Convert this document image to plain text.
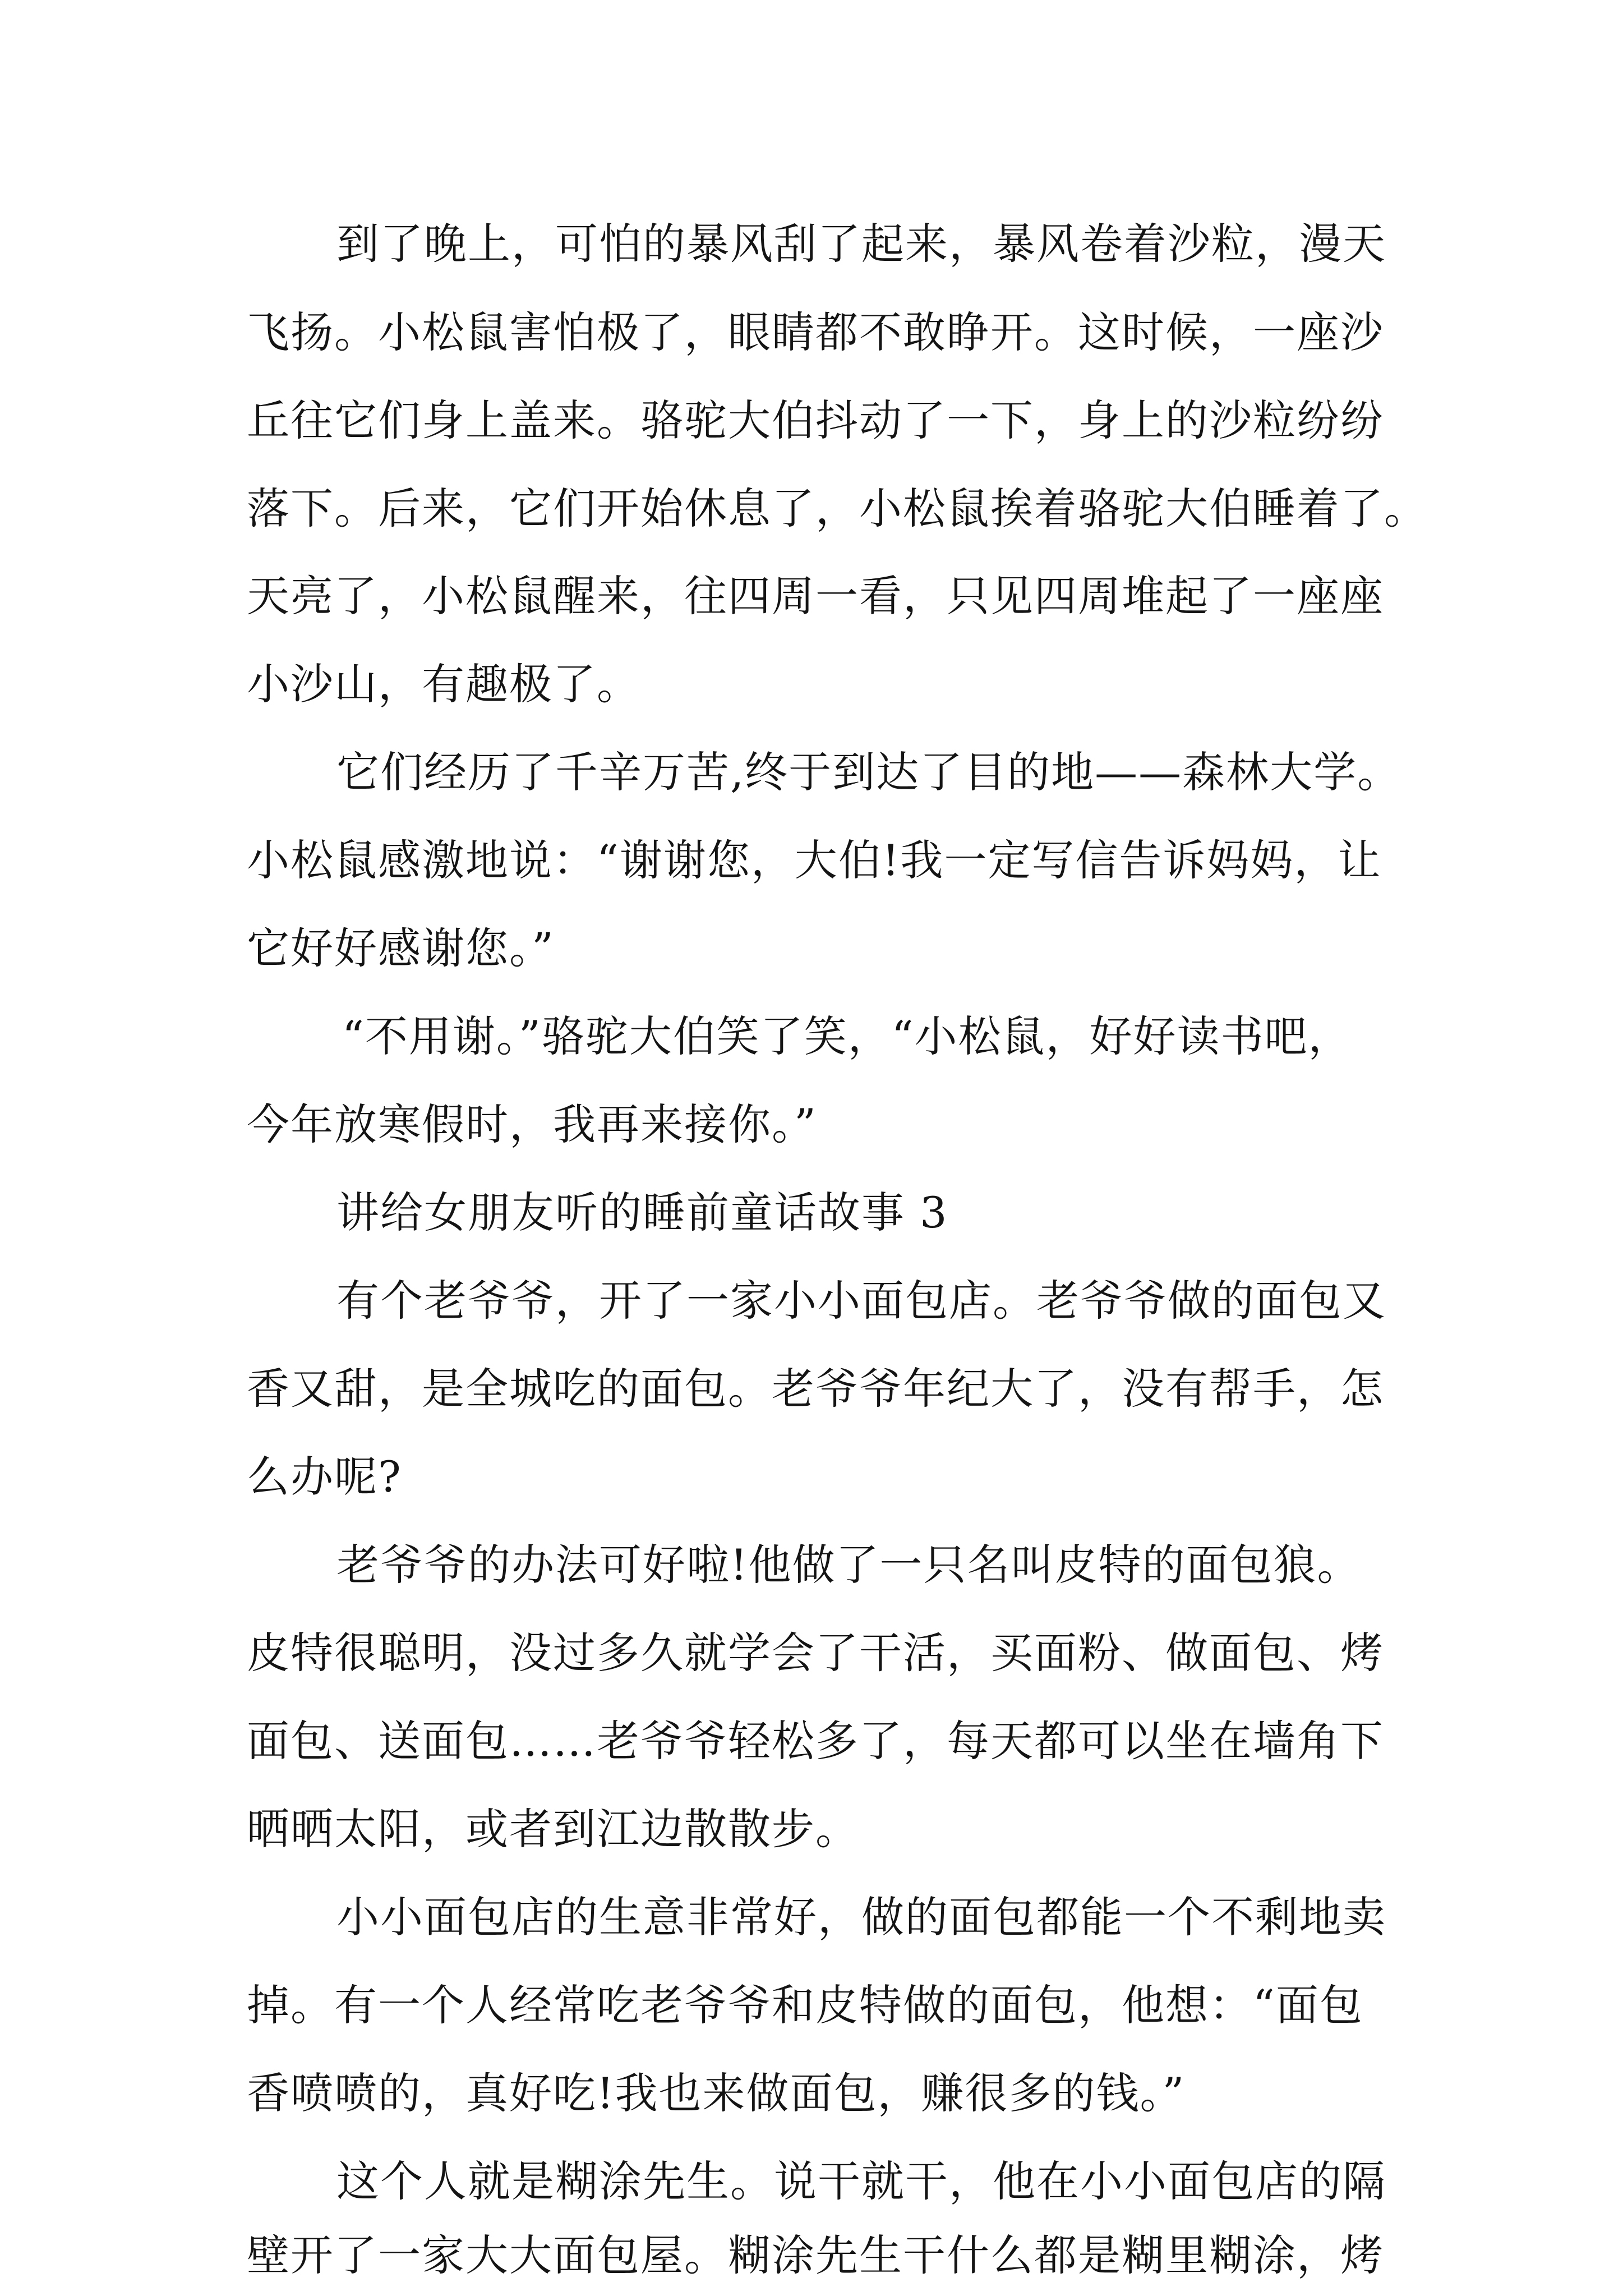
到了晚上，可怕的暴风刮了起来，暴风卷着沙粒，漫天

飞扬。小松鼠害怕极了，眼睛都不敢睁开。这时候，一座沙

丘往它们身上盖来。骆驼大伯抖动了一下，身上的沙粒纷纷

落下。后来，它们开始休息了，小松鼠挨着骆驼大伯睡着了。

天亮了，小松鼠醒来，往四周一看，只见四周堆起了一座座

小沙山，有趣极了。

它们经历了千辛万苦,终于到达了目的地——森林大学。

小松鼠感激地说：“谢谢您，大伯!我一定写信告诉妈妈，让

它好好感谢您。”

“不用谢。”骆驼大伯笑了笑，“小松鼠，好好读书吧，

今年放寒假时，我再来接你。”

讲给女朋友听的睡前童话故事 3

有个老爷爷，开了一家小小面包店。老爷爷做的面包又

香又甜，是全城吃的面包。老爷爷年纪大了，没有帮手，怎

么办呢?

老爷爷的办法可好啦!他做了一只名叫皮特的面包狼。

皮特很聪明，没过多久就学会了干活，买面粉、做面包、烤

面包、送面包……老爷爷轻松多了，每天都可以坐在墙角下

晒晒太阳，或者到江边散散步。

小小面包店的生意非常好，做的面包都能一个不剩地卖

掉。有一个人经常吃老爷爷和皮特做的面包，他想：“面包

香喷喷的，真好吃!我也来做面包，赚很多的钱。”

这个人就是糊涂先生。说干就干，他在小小面包店的隔

壁开了一家大大面包屋。糊涂先生干什么都是糊里糊涂，烤
